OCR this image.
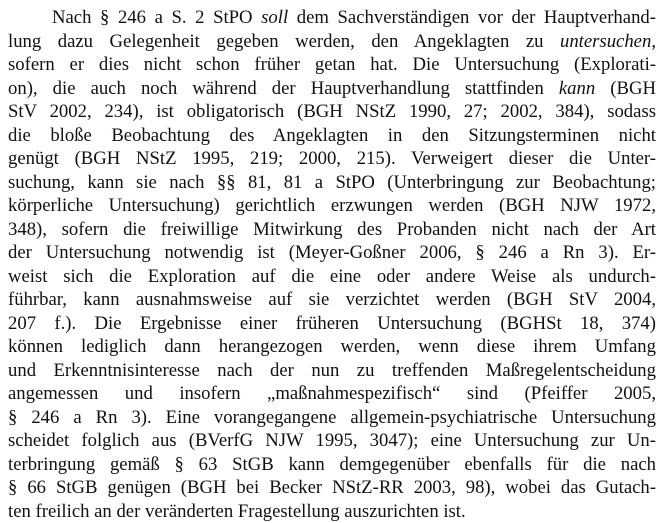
Nach § 246 a S. 2 StPO soll dem Sachverständigen vor der Hauptverhand-
lung dazu Gelegenheit gegeben werden, den Angeklagten zu untersuchen,
sofern er dies nicht schon früher getan hat. Die Untersuchung (Explorati-
on), die auch noch während der Hauptverhandlung stattfinden kann (BGH
StV 2002, 234), ist obligatorisch (BGH NStZ 1990, 27; 2002, 384), sodass
die bloße Beobachtung des Angeklagten in den Sitzungsterminen nicht
genügt (BGH NStZ 1995, 219; 2000, 215). Verweigert dieser die Unter-
suchung, kann sie nach §§ 81, 81 a StPO (Unterbringung zur Beobachtung;
körperliche Untersuchung) gerichtlich erzwungen werden (BGH NJW 1972,
348), sofern die freiwillige Mitwirkung des Probanden nicht nach der Art
der Untersuchung notwendig ist (Meyer-Goßner 2006, § 246 a Rn 3). Er-
weist sich die Exploration auf die eine oder andere Weise als undurch-
führbar, kann ausnahmsweise auf sie verzichtet werden (BGH StV 2004,
207 f.). Die Ergebnisse einer früheren Untersuchung (BGHSt 18, 374)
können lediglich dann herangezogen werden, wenn diese ihrem Umfang
und Erkenntnisinteresse nach der nun zu treffenden Maßregelentscheidung
angemessen und insofern „maßnahmespezifisch“ sind (Pfeiffer 2005,
§ 246 a Rn 3). Eine vorangegangene allgemein-psychiatrische Untersuchung
scheidet folglich aus (BVerfG NJW 1995, 3047); eine Untersuchung zur Un-
terbringung gemäß § 63 StGB kann demgegenüber ebenfalls für die nach
§ 66 StGB genügen (BGH bei Becker NStZ-RR 2003, 98), wobei das Gutach-
ten freilich an der veränderten Fragestellung auszurichten ist.
